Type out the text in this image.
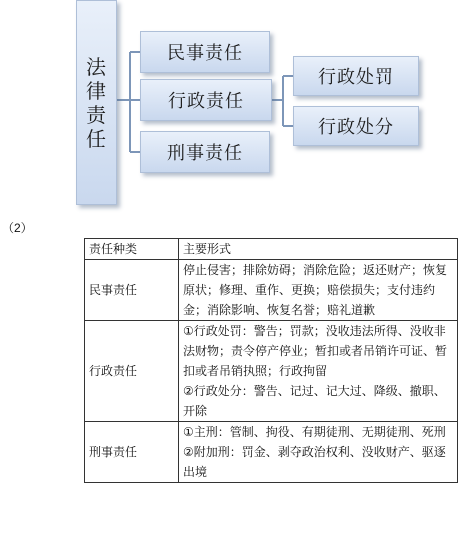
法
律
责
任
民事责任
行政责任
刑事责任
行政处罚
行政处分
（2）
责任种类	主要形式
民事责任	停止侵害；排除妨碍；消除危险；返还财产；恢复原状；修理、重作、更换；赔偿损失；支付违约金；消除影响、恢复名誉；赔礼道歉

行政责任	①行政处罚：警告；罚款；没收违法所得、没收非法财物；责令停产停业；暂扣或者吊销许可证、暂扣或者吊销执照；行政拘留
②行政处分：警告、记过、记大过、降级、撤职、开除

刑事责任	①主刑：管制、拘役、有期徒刑、无期徒刑、死刑
②附加刑：罚金、剥夺政治权利、没收财产、驱逐出境
